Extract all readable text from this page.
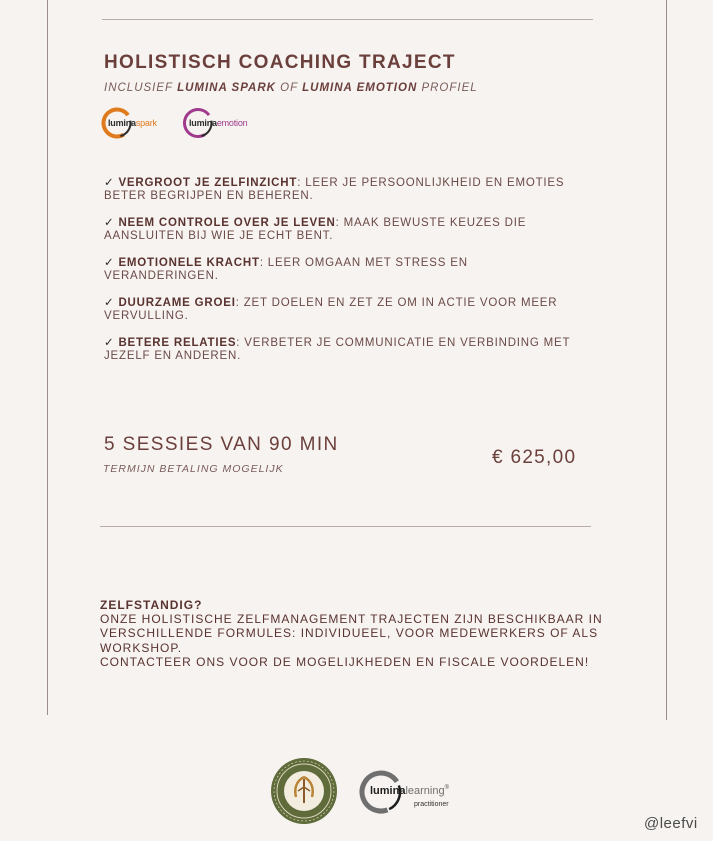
HOLISTISCH COACHING TRAJECT

INCLUSIEF LUMINA SPARK OF LUMINA EMOTION PROFIEL

luminaspark	luminaemotion
✓ VERGROOT JE ZELFINZICHT: LEER JE PERSOONLIJKHEID EN EMOTIES BETER BEGRIJPEN EN BEHEREN.
✓ NEEM CONTROLE OVER JE LEVEN: MAAK BEWUSTE KEUZES DIE AANSLUITEN BIJ WIE JE ECHT BENT.
✓ EMOTIONELE KRACHT: LEER OMGAAN MET STRESS EN VERANDERINGEN.
✓ DUURZAME GROEI: ZET DOELEN EN ZET ZE OM IN ACTIE VOOR MEER VERVULLING.
✓ BETERE RELATIES: VERBETER JE COMMUNICATIE EN VERBINDING MET JEZELF EN ANDEREN.
5 SESSIES VAN 90 MIN
TERMIJN BETALING MOGELIJK
€ 625,00
ZELFSTANDIG?
ONZE HOLISTISCHE ZELFMANAGEMENT TRAJECTEN ZIJN BESCHIKBAAR IN VERSCHILLENDE FORMULES: INDIVIDUEEL, VOOR MEDEWERKERS OF ALS WORKSHOP.
CONTACTEER ONS VOOR DE MOGELIJKHEDEN EN FISCALE VOORDELEN!
luminalearning®
practitioner
@leefvi
